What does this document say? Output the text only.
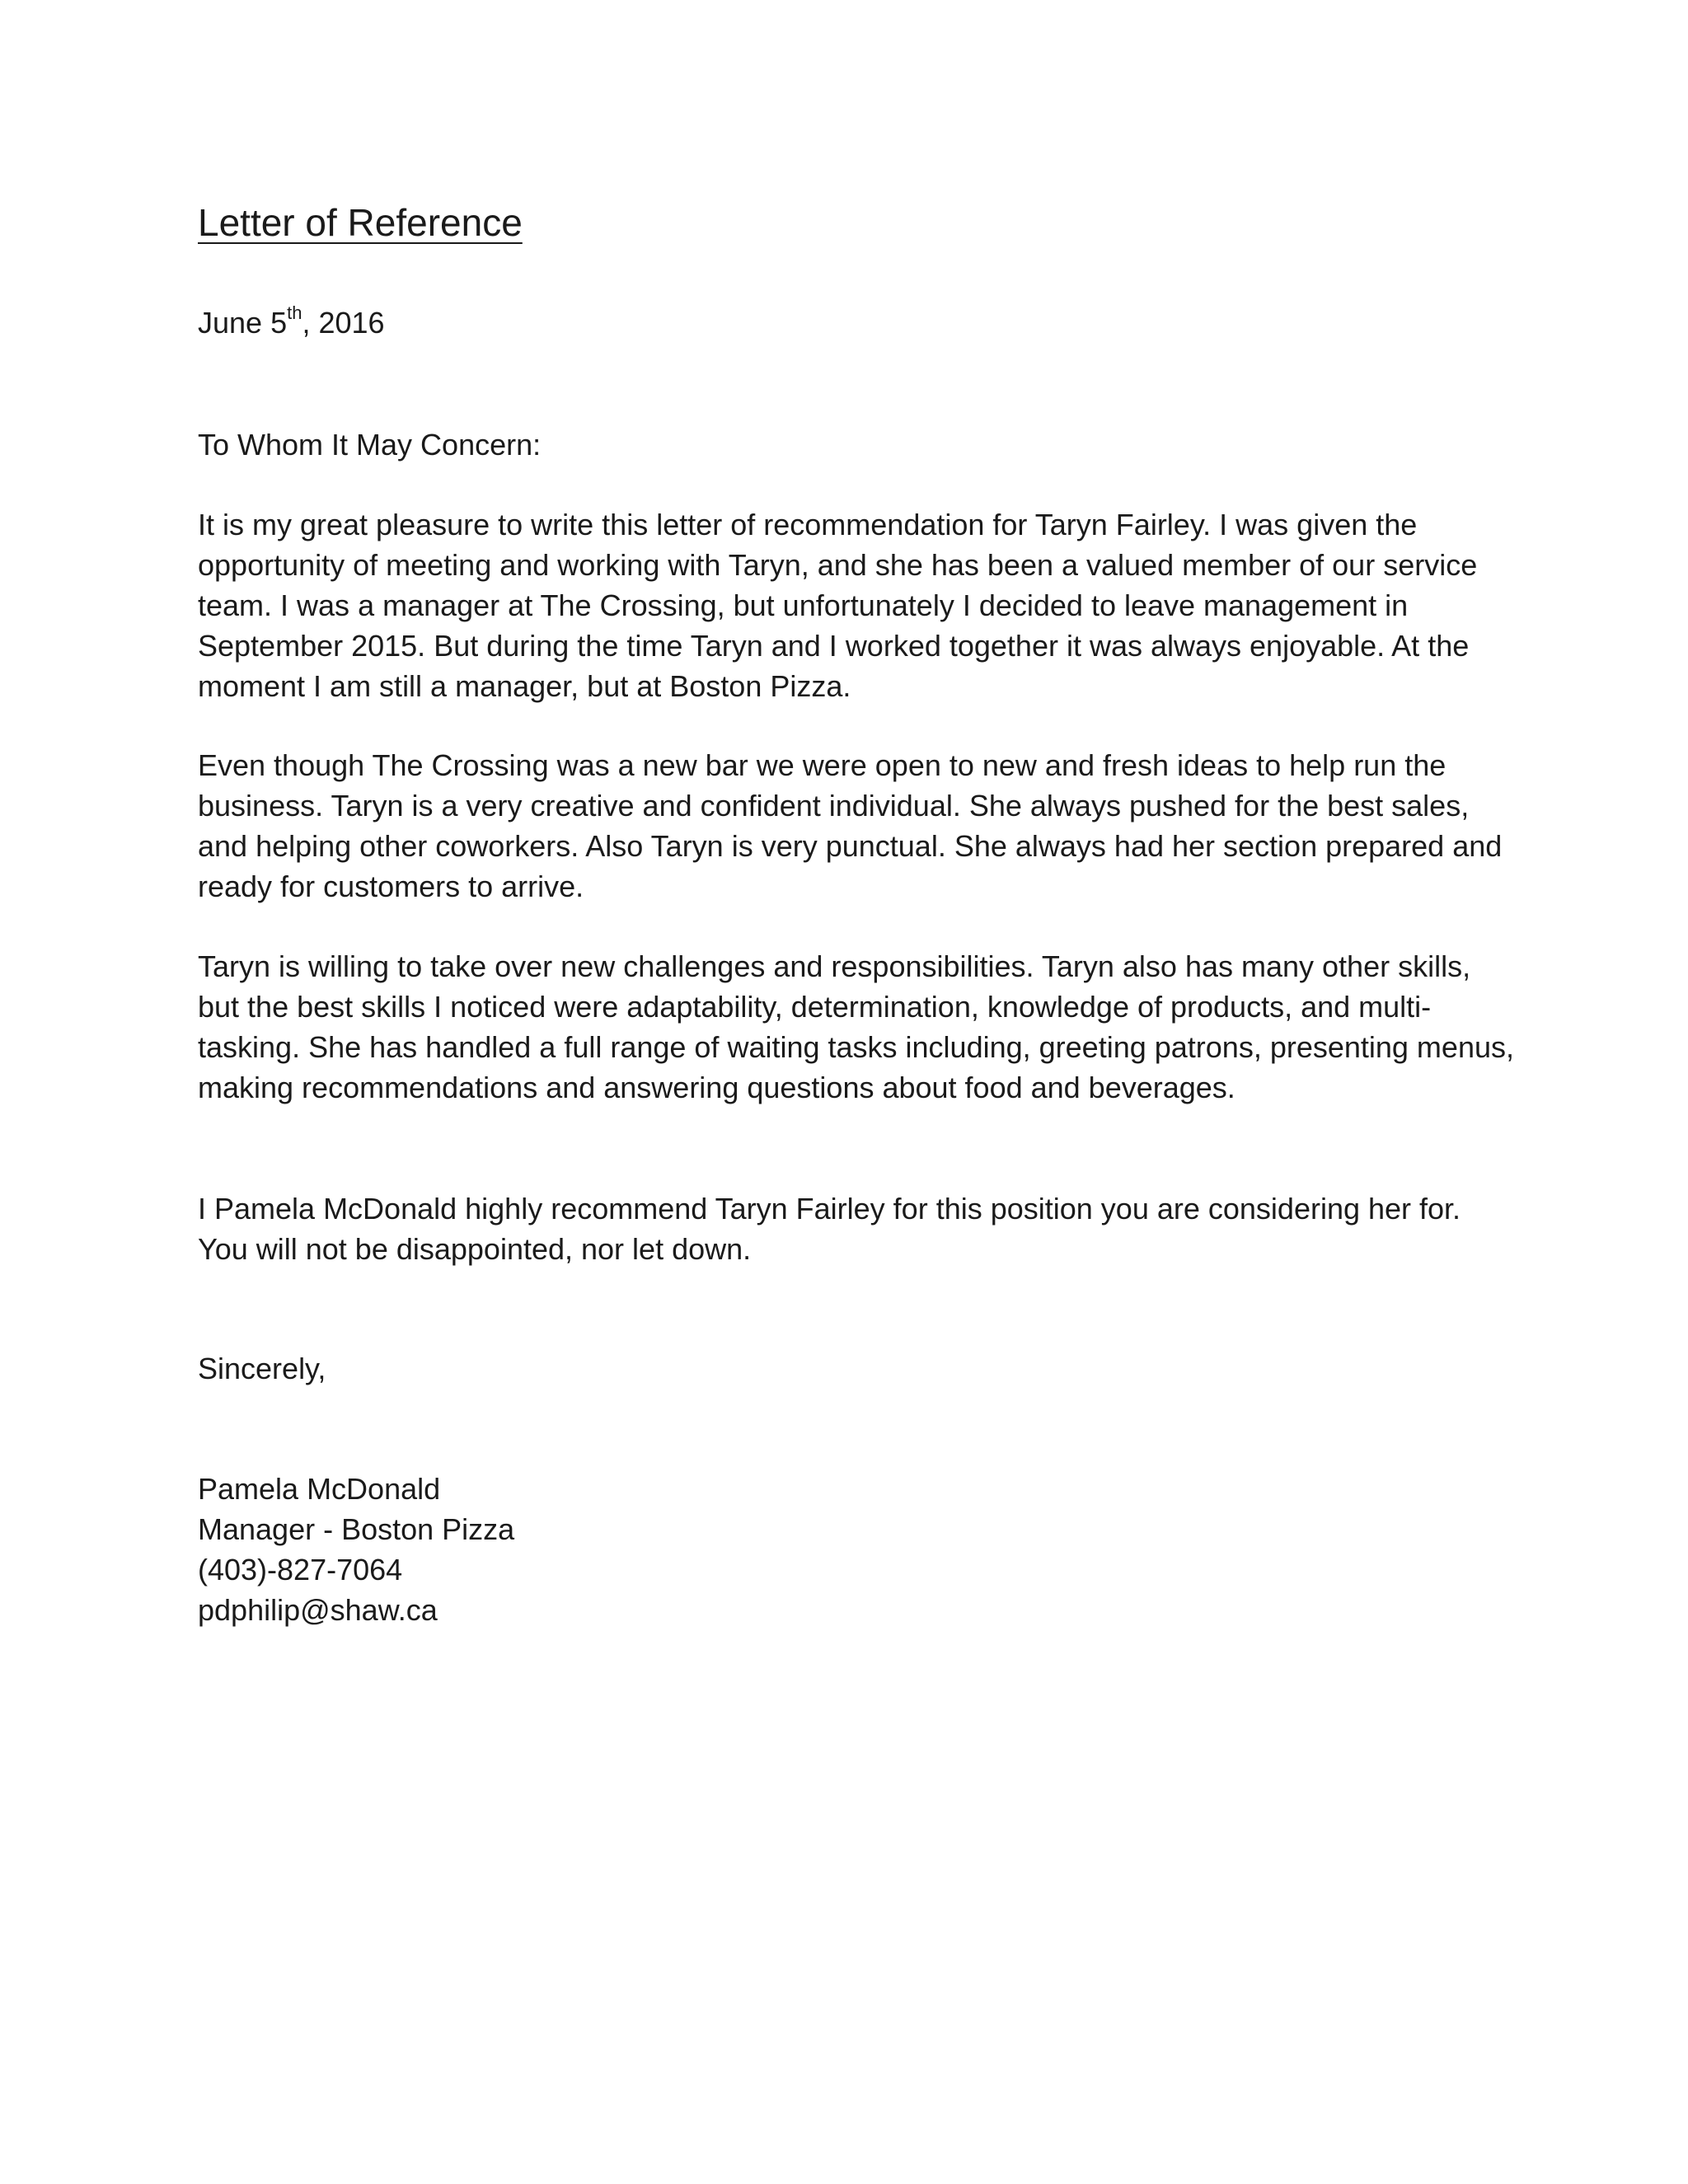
Letter of Reference
June 5th, 2016
To Whom It May Concern:

It is my great pleasure to write this letter of recommendation for Taryn Fairley. I was given the opportunity of meeting and working with Taryn, and she has been a valued member of our service team. I was a manager at The Crossing, but unfortunately I decided to leave management in September 2015. But during the time Taryn and I worked together it was always enjoyable. At the moment I am still a manager, but at Boston Pizza.

Even though The Crossing was a new bar we were open to new and fresh ideas to help run the business. Taryn is a very creative and confident individual. She always pushed for the best sales, and helping other coworkers. Also Taryn is very punctual. She always had her section prepared and ready for customers to arrive.

Taryn is willing to take over new challenges and responsibilities. Taryn also has many other skills, but the best skills I noticed were adaptability, determination, knowledge of products, and multi-tasking. She has handled a full range of waiting tasks including, greeting patrons, presenting menus, making recommendations and answering questions about food and beverages.

I Pamela McDonald highly recommend Taryn Fairley for this position you are considering her for. You will not be disappointed, nor let down.

Sincerely,
Pamela McDonald
Manager - Boston Pizza
(403)-827-7064
pdphilip@shaw.ca
